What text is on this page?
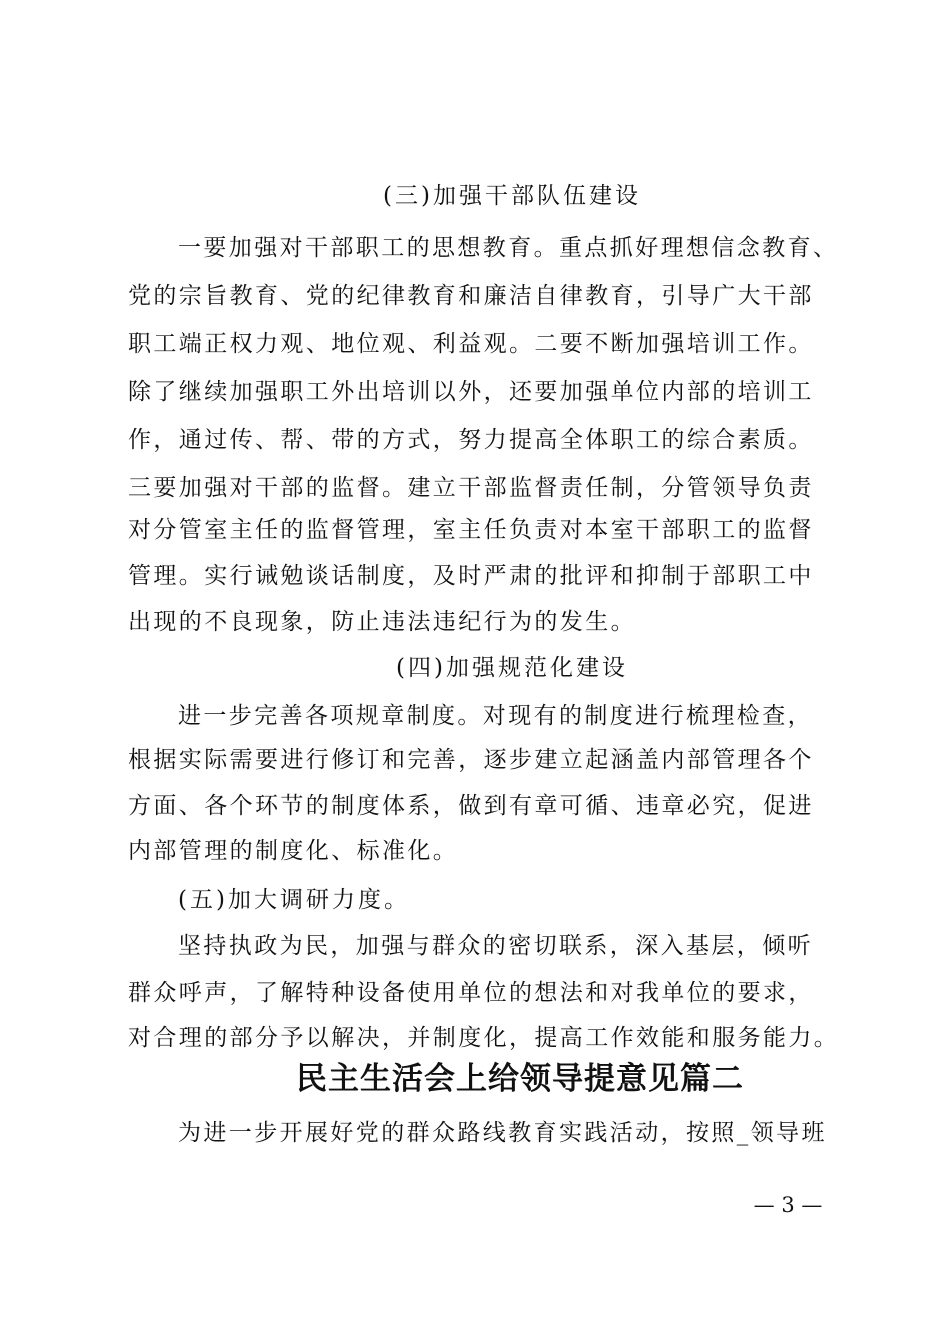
(三)加强干部队伍建设
一要加强对干部职工的思想教育。重点抓好理想信念教育、
党的宗旨教育、党的纪律教育和廉洁自律教育，引导广大干部
职工端正权力观、地位观、利益观。二要不断加强培训工作。
除了继续加强职工外出培训以外，还要加强单位内部的培训工
作，通过传、帮、带的方式，努力提高全体职工的综合素质。
三要加强对干部的监督。建立干部监督责任制，分管领导负责
对分管室主任的监督管理，室主任负责对本室干部职工的监督
管理。实行诫勉谈话制度，及时严肃的批评和抑制于部职工中
出现的不良现象，防止违法违纪行为的发生。
(四)加强规范化建设
进一步完善各项规章制度。对现有的制度进行梳理检查，
根据实际需要进行修订和完善，逐步建立起涵盖内部管理各个
方面、各个环节的制度体系，做到有章可循、违章必究，促进
内部管理的制度化、标准化。
(五)加大调研力度。
坚持执政为民，加强与群众的密切联系，深入基层，倾听
群众呼声，了解特种设备使用单位的想法和对我单位的要求，
对合理的部分予以解决，并制度化，提高工作效能和服务能力。
民主生活会上给领导提意见篇二
为进一步开展好党的群众路线教育实践活动，按照_领导班
— 3 —
